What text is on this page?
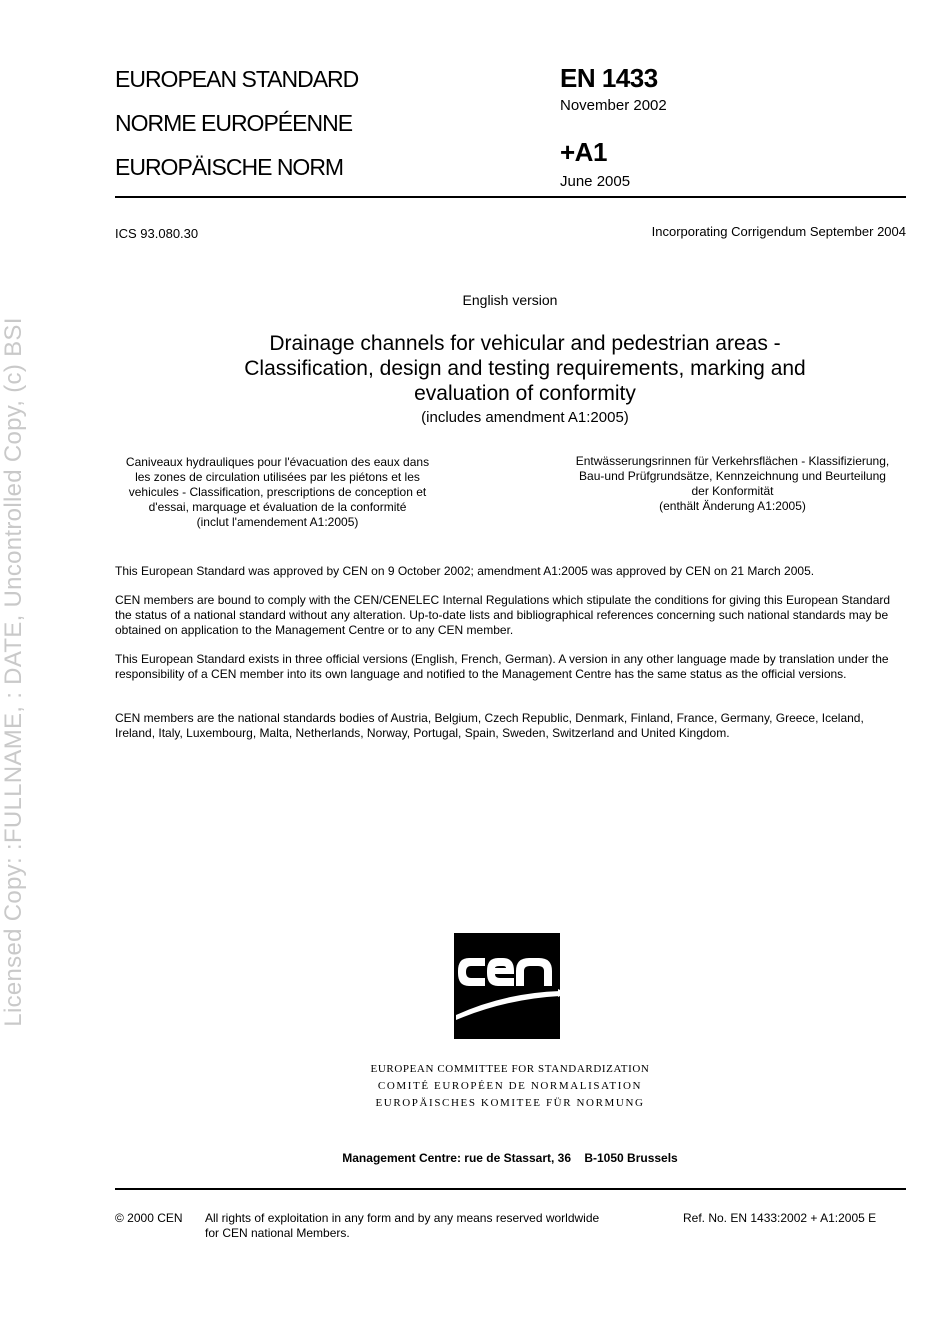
Licensed Copy: :FULLNAME, : DATE, Uncontrolled Copy, (c) BSI
EUROPEAN STANDARD
NORME EUROPÉENNE
EUROPÄISCHE NORM
EN 1433
November 2002
+A1
June 2005
ICS 93.080.30	Incorporating Corrigendum September 2004
English version
Drainage channels for vehicular and pedestrian areas -
Classification, design and testing requirements, marking and
evaluation of conformity
(includes amendment A1:2005)
Caniveaux hydrauliques pour l'évacuation des eaux dans
les zones de circulation utilisées par les piétons et les
vehicules - Classification, prescriptions de conception et
d'essai, marquage et évaluation de la conformité
(inclut l'amendement A1:2005)
Entwässerungsrinnen für Verkehrsflächen - Klassifizierung,
Bau-und Prüfgrundsätze, Kennzeichnung und Beurteilung
der Konformität
(enthält Änderung A1:2005)
This European Standard was approved by CEN on 9 October 2002; amendment A1:2005 was approved by CEN on 21 March 2005.
CEN members are bound to comply with the CEN/CENELEC Internal Regulations which stipulate the conditions for giving this European Standard the status of a national standard without any alteration. Up-to-date lists and bibliographical references concerning such national standards may be obtained on application to the Management Centre or to any CEN member.
This European Standard exists in three official versions (English, French, German). A version in any other language made by translation under the responsibility of a CEN member into its own language and notified to the Management Centre has the same status as the official versions.
CEN members are the national standards bodies of Austria, Belgium, Czech Republic, Denmark, Finland, France, Germany, Greece, Iceland, Ireland, Italy, Luxembourg, Malta, Netherlands, Norway, Portugal, Spain, Sweden, Switzerland and United Kingdom.
EUROPEAN COMMITTEE FOR STANDARDIZATION
COMITÉ EUROPÉEN DE NORMALISATION
EUROPÄISCHES KOMITEE FÜR NORMUNG
Management Centre: rue de Stassart, 36    B-1050 Brussels
© 2000 CEN All rights of exploitation in any form and by any means reserved worldwide
for CEN national Members.
Ref. No. EN 1433:2002 + A1:2005 E
